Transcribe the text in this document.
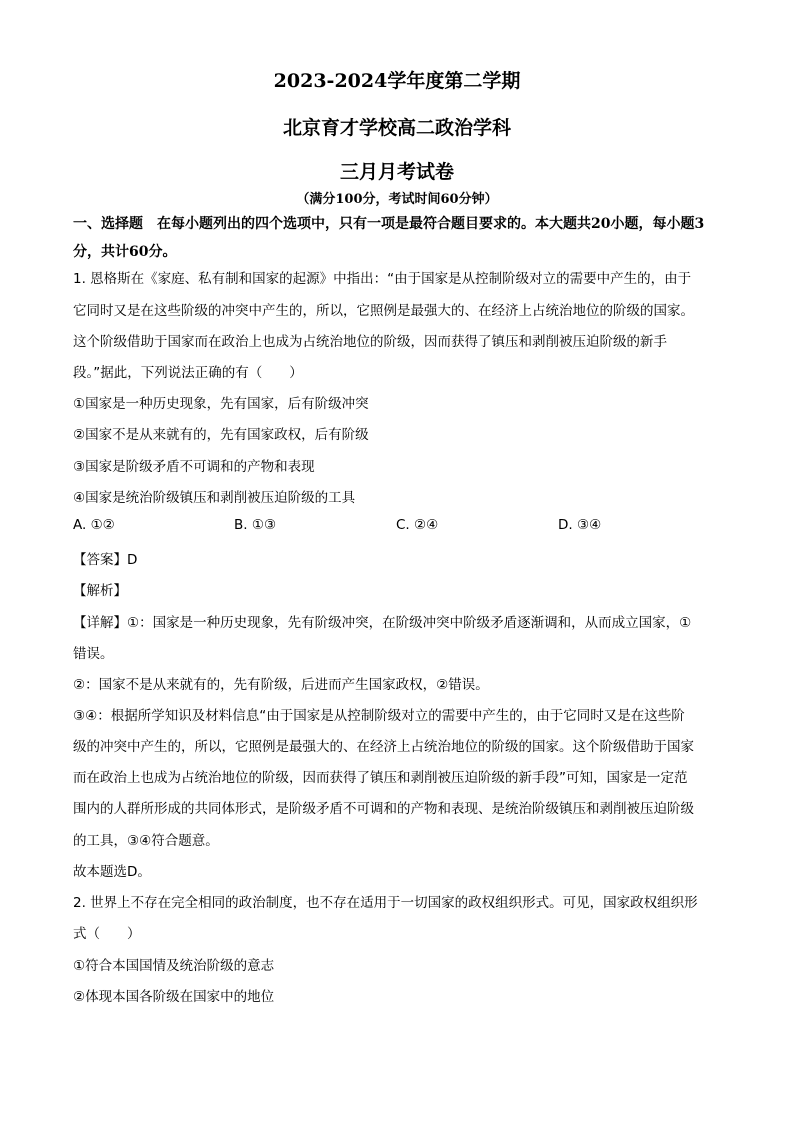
2023-2024学年度第二学期
北京育才学校高二政治学科
三月月考试卷
（满分100分，考试时间60分钟）
一、选择题　在每小题列出的四个选项中，只有一项是最符合题目要求的。本大题共20小题，每小题3分，共计60分。
1. 恩格斯在《家庭、私有制和国家的起源》中指出：“由于国家是从控制阶级对立的需要中产生的，由于
它同时又是在这些阶级的冲突中产生的，所以，它照例是最强大的、在经济上占统治地位的阶级的国家。
这个阶级借助于国家而在政治上也成为占统治地位的阶级，因而获得了镇压和剥削被压迫阶级的新手
段。”据此，下列说法正确的有（　　）
①国家是一种历史现象，先有国家，后有阶级冲突
②国家不是从来就有的，先有国家政权，后有阶级
③国家是阶级矛盾不可调和的产物和表现
④国家是统治阶级镇压和剥削被压迫阶级的工具
A. ①②	B. ①③	C. ②④	D. ③④
【答案】D
【解析】
【详解】①：国家是一种历史现象，先有阶级冲突，在阶级冲突中阶级矛盾逐渐调和，从而成立国家，①
错误。
②：国家不是从来就有的，先有阶级，后进而产生国家政权，②错误。
③④：根据所学知识及材料信息“由于国家是从控制阶级对立的需要中产生的，由于它同时又是在这些阶
级的冲突中产生的，所以，它照例是最强大的、在经济上占统治地位的阶级的国家。这个阶级借助于国家
而在政治上也成为占统治地位的阶级，因而获得了镇压和剥削被压迫阶级的新手段”可知，国家是一定范
围内的人群所形成的共同体形式，是阶级矛盾不可调和的产物和表现、是统治阶级镇压和剥削被压迫阶级
的工具，③④符合题意。
故本题选D。
2. 世界上不存在完全相同的政治制度，也不存在适用于一切国家的政权组织形式。可见，国家政权组织形
式（　　）
①符合本国国情及统治阶级的意志
②体现本国各阶级在国家中的地位
